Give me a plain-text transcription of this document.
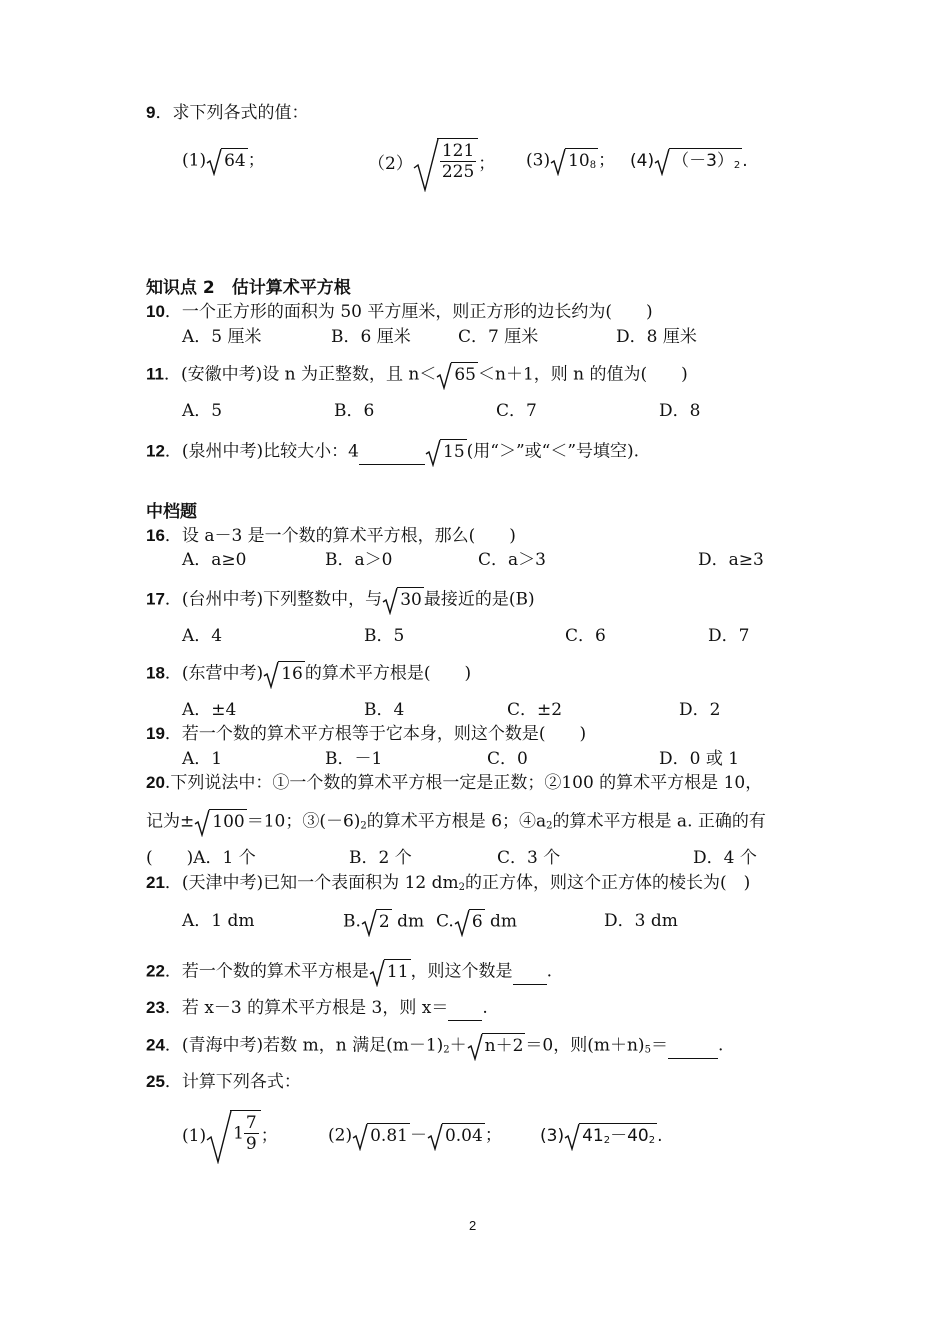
9．求下列各式的值：
(1) 64 ；	$(2) \frac{121}{225}$ ； (3) $10_8$ ； (4) $(-3)_2$ .
知识点 2　估计算术平方根
10．一个正方形的面积为 50 平方厘米，则正方形的边长约为(　　)
A．5 厘米	B．6 厘米	C．7 厘米	D．8 厘米
11．(安徽中考)设 n 为正整数，且 n＜ 65 ＜n＋1，则 n 的值为(　　)
A．5	B．6	C．7	D．8
12．(泉州中考)比较大小：4	15 (用“＞”或“＜”号填空).
中档题
16．设 a－3 是一个数的算术平方根，那么(　　)
A．a≥0	B．a＞0	C．a＞3	D．a≥3
17．(台州中考)下列整数中，与 30 最接近的是(B)
A．4	B．5	C．6	D．7
18．(东营中考) 16 的算术平方根是(　　)
A．±4	B．4	C．±2	D．2
19．若一个数的算术平方根等于它本身，则这个数是(　　)
A．1	B．－1	C．0	D．0 或 1
20.下列说法中：①一个数的算术平方根一定是正数；②100 的算术平方根是 10，
记为± 100 ＝10；$③(-6)_2$的算术平方根是 6；$④a_2$的算术平方根是 a. 正确的有
(　　)A．1 个	B．2 个	C．3 个	D．4 个
21．(天津中考)已知一个表面积为 12 $dm_2$的正方体，则这个正方体的棱长为(　)
A．1 dm	B. 2 dm C. 6 dm	D．3 dm
22．若一个数的算术平方根是 11 ，则这个数是 .
23．若 x－3 的算术平方根是 3，则 x＝ .
24．(青海中考)若数 m，n 满足$(m-1)_2+ n+2 =0$，则$(m+n)_5=$	.
25．计算下列各式：
(1) $1 \frac{7}{9}$ ；	(2) 0.81 － 0.04 ； (3) $41_2-40_2$ .
2
